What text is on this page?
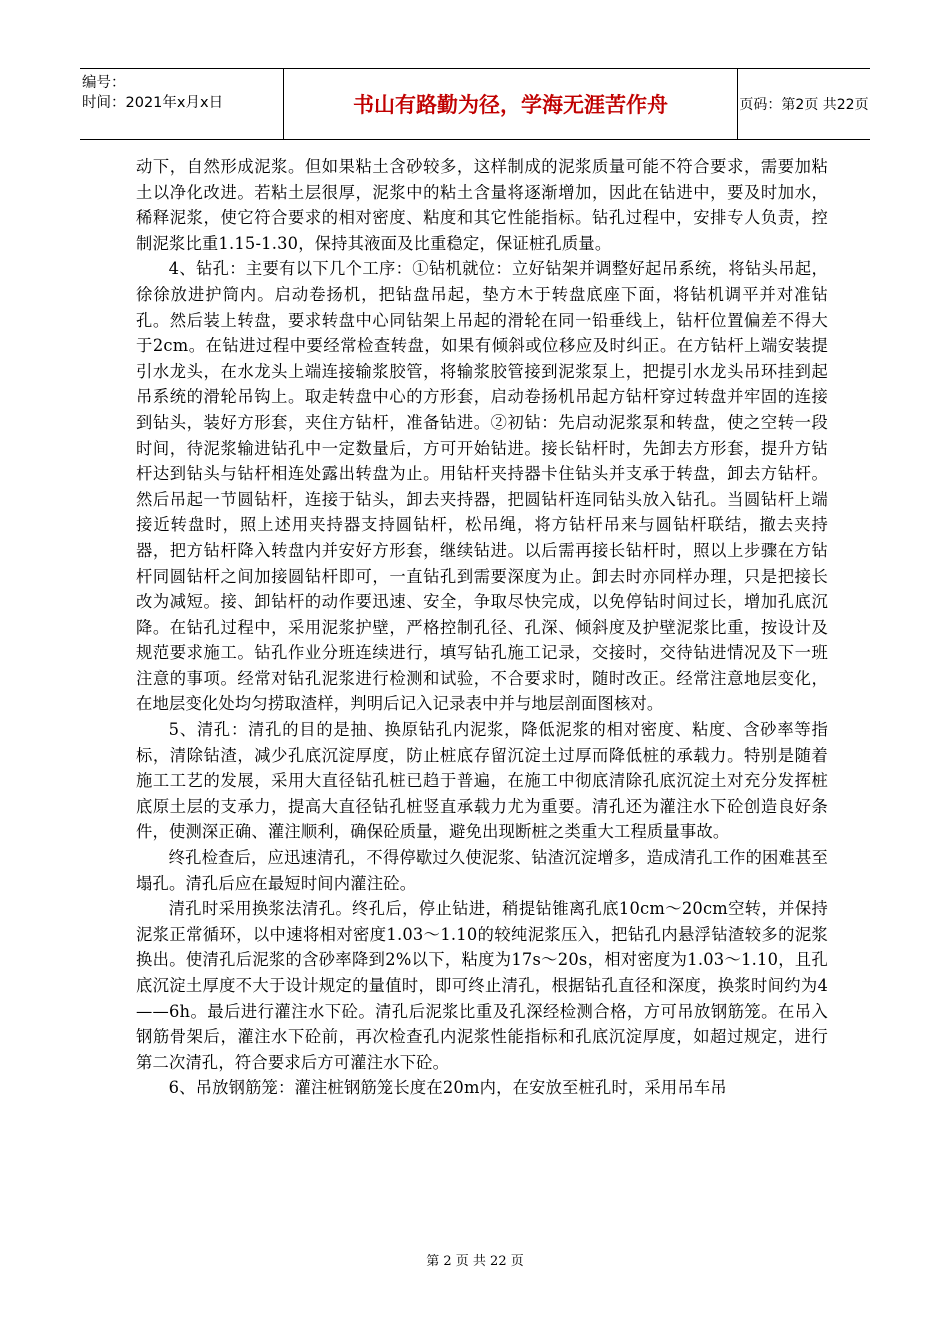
编号：
时间：2021年x月x日	书山有路勤为径，学海无涯苦作舟	页码：第2页 共22页

动下，自然形成泥浆。但如果粘土含砂较多，这样制成的泥浆质量可能不符合要求，需要加粘土以净化改进。若粘土层很厚，泥浆中的粘土含量将逐渐增加，因此在钻进中，要及时加水，稀释泥浆，使它符合要求的相对密度、粘度和其它性能指标。钻孔过程中，安排专人负责，控制泥浆比重1.15-1.30，保持其液面及比重稳定，保证桩孔质量。

4、钻孔：主要有以下几个工序：①钻机就位：立好钻架并调整好起吊系统，将钻头吊起，徐徐放进护筒内。启动卷扬机，把钻盘吊起，垫方木于转盘底座下面，将钻机调平并对准钻孔。然后装上转盘，要求转盘中心同钻架上吊起的滑轮在同一铅垂线上，钻杆位置偏差不得大于2cm。在钻进过程中要经常检查转盘，如果有倾斜或位移应及时纠正。在方钻杆上端安装提引水龙头，在水龙头上端连接输浆胶管，将输浆胶管接到泥浆泵上，把提引水龙头吊环挂到起吊系统的滑轮吊钩上。取走转盘中心的方形套，启动卷扬机吊起方钻杆穿过转盘并牢固的连接到钻头，装好方形套，夹住方钻杆，准备钻进。②初钻：先启动泥浆泵和转盘，使之空转一段时间，待泥浆输进钻孔中一定数量后，方可开始钻进。接长钻杆时，先卸去方形套，提升方钻杆达到钻头与钻杆相连处露出转盘为止。用钻杆夹持器卡住钻头并支承于转盘，卸去方钻杆。然后吊起一节圆钻杆，连接于钻头，卸去夹持器，把圆钻杆连同钻头放入钻孔。当圆钻杆上端接近转盘时，照上述用夹持器支持圆钻杆，松吊绳，将方钻杆吊来与圆钻杆联结，撤去夹持器，把方钻杆降入转盘内并安好方形套，继续钻进。以后需再接长钻杆时，照以上步骤在方钻杆同圆钻杆之间加接圆钻杆即可，一直钻孔到需要深度为止。卸去时亦同样办理，只是把接长改为减短。接、卸钻杆的动作要迅速、安全，争取尽快完成，以免停钻时间过长，增加孔底沉降。在钻孔过程中，采用泥浆护壁，严格控制孔径、孔深、倾斜度及护壁泥浆比重，按设计及规范要求施工。钻孔作业分班连续进行，填写钻孔施工记录，交接时，交待钻进情况及下一班注意的事项。经常对钻孔泥浆进行检测和试验，不合要求时，随时改正。经常注意地层变化，在地层变化处均匀捞取渣样，判明后记入记录表中并与地层剖面图核对。

5、清孔：清孔的目的是抽、换原钻孔内泥浆，降低泥浆的相对密度、粘度、含砂率等指标，清除钻渣，减少孔底沉淀厚度，防止桩底存留沉淀土过厚而降低桩的承载力。特别是随着施工工艺的发展，采用大直径钻孔桩已趋于普遍，在施工中彻底清除孔底沉淀土对充分发挥桩底原土层的支承力，提高大直径钻孔桩竖直承载力尤为重要。清孔还为灌注水下砼创造良好条件，使测深正确、灌注顺利，确保砼质量，避免出现断桩之类重大工程质量事故。

终孔检查后，应迅速清孔，不得停歇过久使泥浆、钻渣沉淀增多，造成清孔工作的困难甚至塌孔。清孔后应在最短时间内灌注砼。

清孔时采用换浆法清孔。终孔后，停止钻进，稍提钻锥离孔底10cm～20cm空转，并保持泥浆正常循环，以中速将相对密度1.03～1.10的较纯泥浆压入，把钻孔内悬浮钻渣较多的泥浆换出。使清孔后泥浆的含砂率降到2%以下，粘度为17s～20s，相对密度为1.03～1.10，且孔底沉淀土厚度不大于设计规定的量值时，即可终止清孔，根据钻孔直径和深度，换浆时间约为4——6h。最后进行灌注水下砼。清孔后泥浆比重及孔深经检测合格，方可吊放钢筋笼。在吊入钢筋骨架后，灌注水下砼前，再次检查孔内泥浆性能指标和孔底沉淀厚度，如超过规定，进行第二次清孔，符合要求后方可灌注水下砼。

6、吊放钢筋笼：灌注桩钢筋笼长度在20m内，在安放至桩孔时，采用吊车吊

第 2 页 共 22 页
